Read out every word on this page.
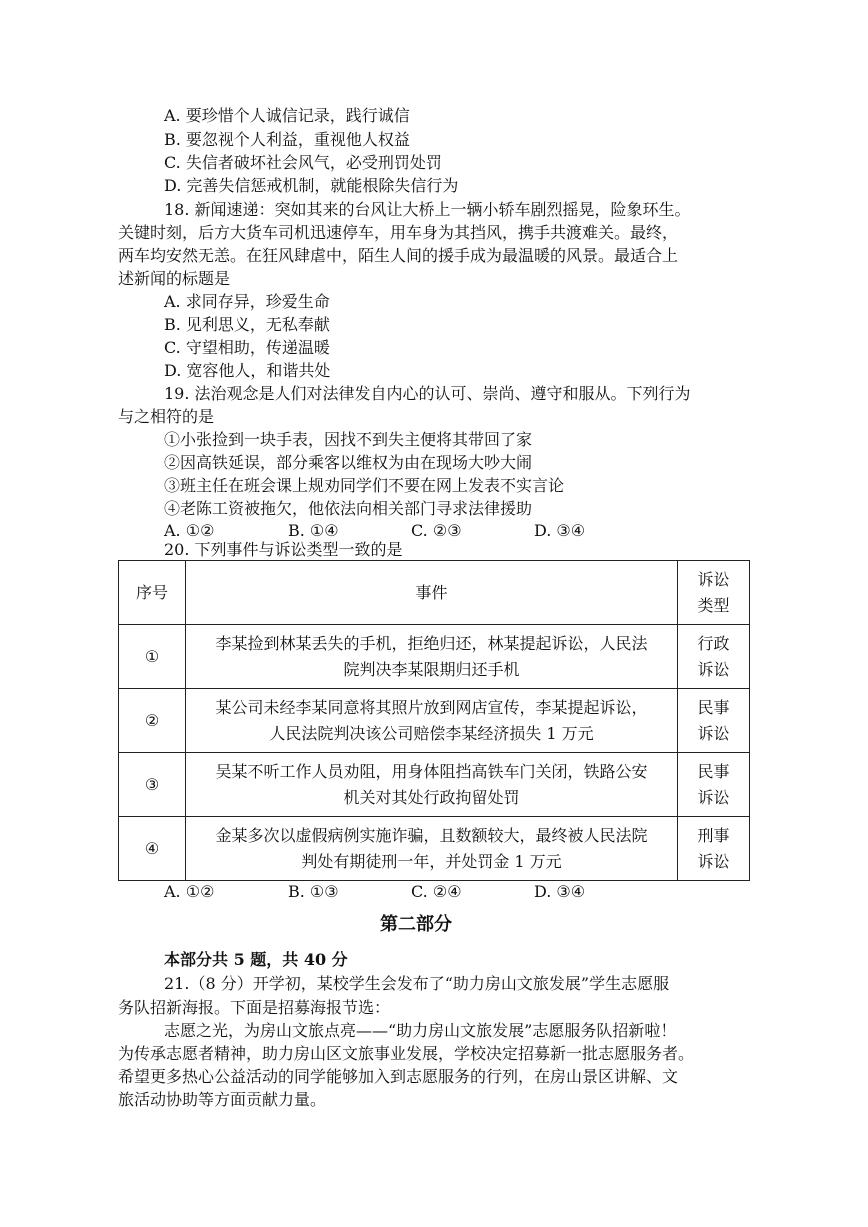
A. 要珍惜个人诚信记录，践行诚信
B. 要忽视个人利益，重视他人权益
C. 失信者破坏社会风气，必受刑罚处罚
D. 完善失信惩戒机制，就能根除失信行为
18. 新闻速递：突如其来的台风让大桥上一辆小轿车剧烈摇晃，险象环生。
关键时刻，后方大货车司机迅速停车，用车身为其挡风，携手共渡难关。最终，
两车均安然无恙。在狂风肆虐中，陌生人间的援手成为最温暖的风景。最适合上
述新闻的标题是
A. 求同存异，珍爱生命
B. 见利思义，无私奉献
C. 守望相助，传递温暖
D. 宽容他人，和谐共处
19. 法治观念是人们对法律发自内心的认可、崇尚、遵守和服从。下列行为
与之相符的是
①小张捡到一块手表，因找不到失主便将其带回了家
②因高铁延误，部分乘客以维权为由在现场大吵大闹
③班主任在班会课上规劝同学们不要在网上发表不实言论
④老陈工资被拖欠，他依法向相关部门寻求法律援助
A. ①②	B. ①④	C. ②③	D. ③④
20. 下列事件与诉讼类型一致的是
序号	事件	诉讼
类型
①	李某捡到林某丢失的手机，拒绝归还，林某提起诉讼，人民法
院判决李某限期归还手机	行政
诉讼
②	某公司未经李某同意将其照片放到网店宣传，李某提起诉讼，
人民法院判决该公司赔偿李某经济损失 1 万元	民事
诉讼
③	吴某不听工作人员劝阻，用身体阻挡高铁车门关闭，铁路公安
机关对其处行政拘留处罚	民事
诉讼
④	金某多次以虚假病例实施诈骗，且数额较大，最终被人民法院
判处有期徒刑一年，并处罚金 1 万元	刑事
诉讼
A. ①②	B. ①③	C. ②④	D. ③④
第二部分
本部分共 5 题，共 40 分
21.（8 分）开学初，某校学生会发布了“助力房山文旅发展”学生志愿服
务队招新海报。下面是招募海报节选：
志愿之光，为房山文旅点亮——“助力房山文旅发展”志愿服务队招新啦！
为传承志愿者精神，助力房山区文旅事业发展，学校决定招募新一批志愿服务者。
希望更多热心公益活动的同学能够加入到志愿服务的行列，在房山景区讲解、文
旅活动协助等方面贡献力量。
